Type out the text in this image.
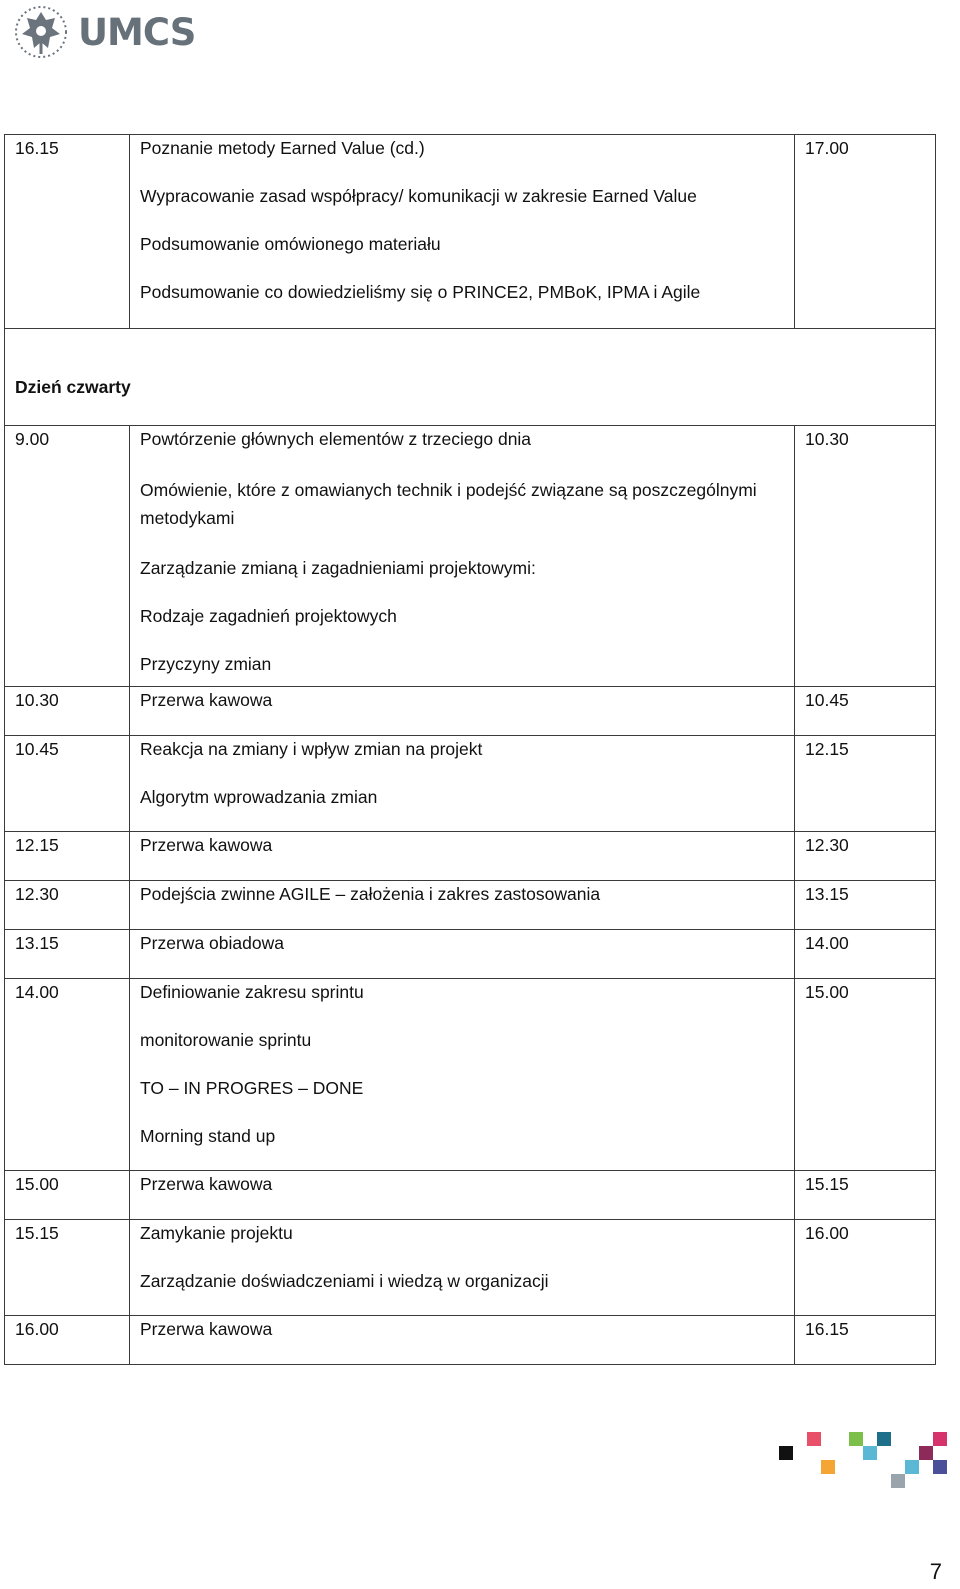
UMCS
16.15	Poznanie metody Earned Value (cd.)
Wypracowanie zasad współpracy/ komunikacji w zakresie Earned Value
Podsumowanie omówionego materiału
Podsumowanie co dowiedzieliśmy się o PRINCE2, PMBoK, IPMA i Agile	17.00

Dzień czwarty		

9.00	Powtórzenie głównych elementów z trzeciego dnia
Omówienie, które z omawianych technik i podejść związane są poszczególnymi metodykami
Zarządzanie zmianą i zagadnieniami projektowymi:
Rodzaje zagadnień projektowych
Przyczyny zmian	10.30

10.30	Przerwa kawowa	10.45

10.45	Reakcja na zmiany i wpływ zmian na projekt
Algorytm wprowadzania zmian	12.15

12.15	Przerwa kawowa	12.30

12.30	Podejścia zwinne AGILE – założenia i zakres zastosowania	13.15

13.15	Przerwa obiadowa	14.00

14.00	Definiowanie zakresu sprintu
monitorowanie sprintu
TO – IN PROGRES – DONE
Morning stand up	15.00

15.00	Przerwa kawowa	15.15

15.15	Zamykanie projektu
Zarządzanie doświadczeniami i wiedzą w organizacji	16.00

16.00	Przerwa kawowa	16.15
7
